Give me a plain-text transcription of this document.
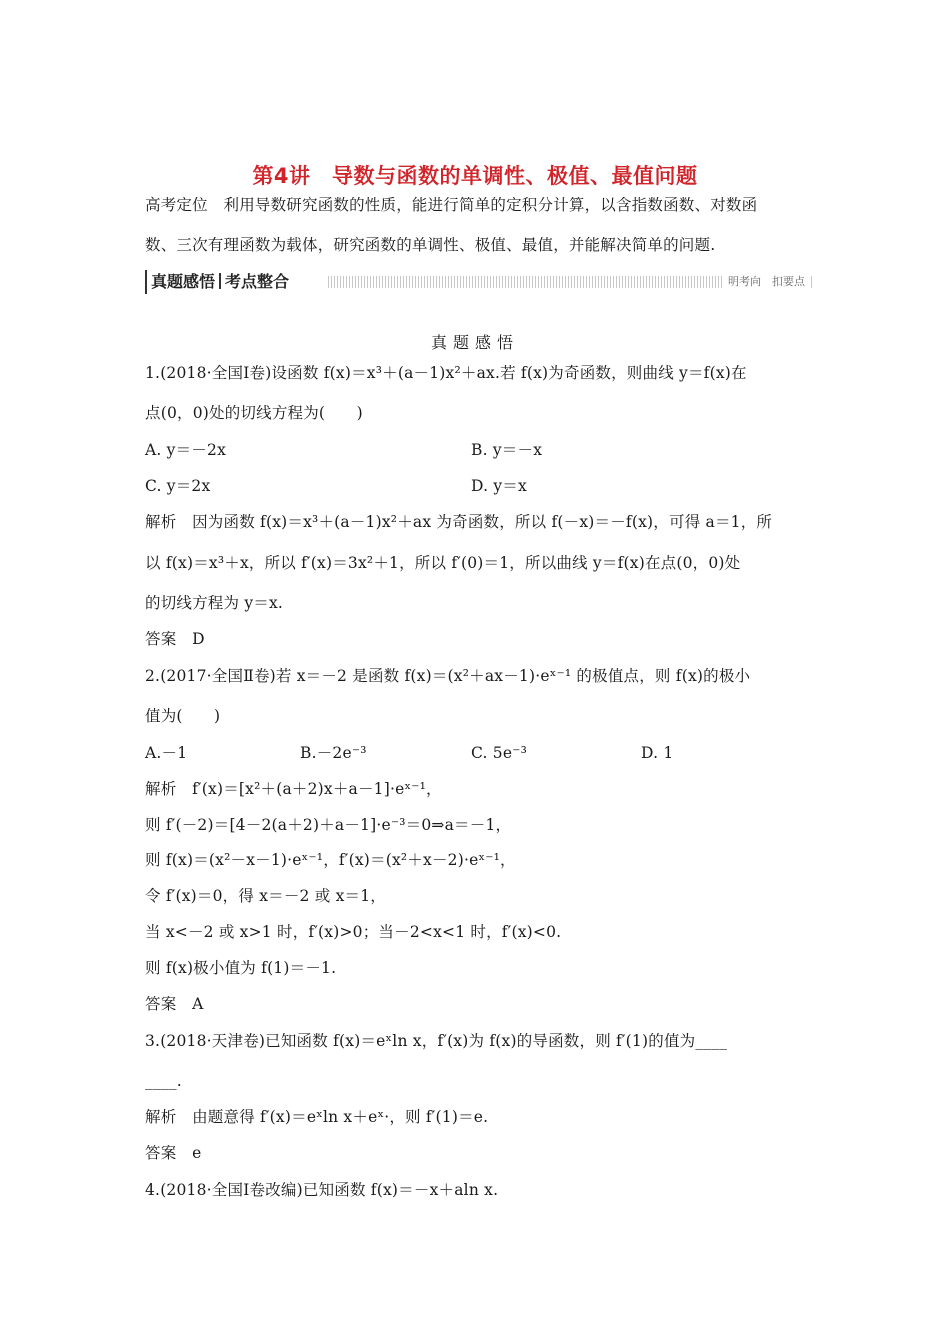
第4讲　导数与函数的单调性、极值、最值问题
高考定位　利用导数研究函数的性质，能进行简单的定积分计算，以含指数函数、对数函
数、三次有理函数为载体，研究函数的单调性、极值、最值，并能解决简单的问题.
真题感悟 考点整合	明考向　扣要点
真题感悟
1.(2018·全国Ⅰ卷)设函数 f(x)＝x³＋(a－1)x²＋ax.若 f(x)为奇函数，则曲线 y＝f(x)在
点(0，0)处的切线方程为(　　)
A. y＝－2x	B. y＝－x
C. y＝2x	D. y＝x
解析　因为函数 f(x)＝x³＋(a－1)x²＋ax 为奇函数，所以 f(－x)＝－f(x)，可得 a＝1，所
以 f(x)＝x³＋x，所以 f′(x)＝3x²＋1，所以 f′(0)＝1，所以曲线 y＝f(x)在点(0，0)处
的切线方程为 y＝x.
答案　D
2.(2017·全国Ⅱ卷)若 x＝－2 是函数 f(x)＝(x²＋ax－1)·eˣ⁻¹ 的极值点，则 f(x)的极小
值为(　　)
A.－1	B.－2e⁻³	C. 5e⁻³	D. 1
解析　f′(x)＝[x²＋(a＋2)x＋a－1]·eˣ⁻¹，
则 f′(－2)＝[4－2(a＋2)＋a－1]·e⁻³＝0⇒a＝－1，
则 f(x)＝(x²－x－1)·eˣ⁻¹，f′(x)＝(x²＋x－2)·eˣ⁻¹，
令 f′(x)＝0，得 x＝－2 或 x＝1，
当 x<－2 或 x>1 时，f′(x)>0；当－2<x<1 时，f′(x)<0.
则 f(x)极小值为 f(1)＝－1.
答案　A
3.(2018·天津卷)已知函数 f(x)＝eˣln x，f′(x)为 f(x)的导函数，则 f′(1)的值为____
____.
解析　由题意得 f′(x)＝eˣln x＋eˣ·，则 f′(1)＝e.
答案　e
4.(2018·全国Ⅰ卷改编)已知函数 f(x)＝－x＋aln x.
